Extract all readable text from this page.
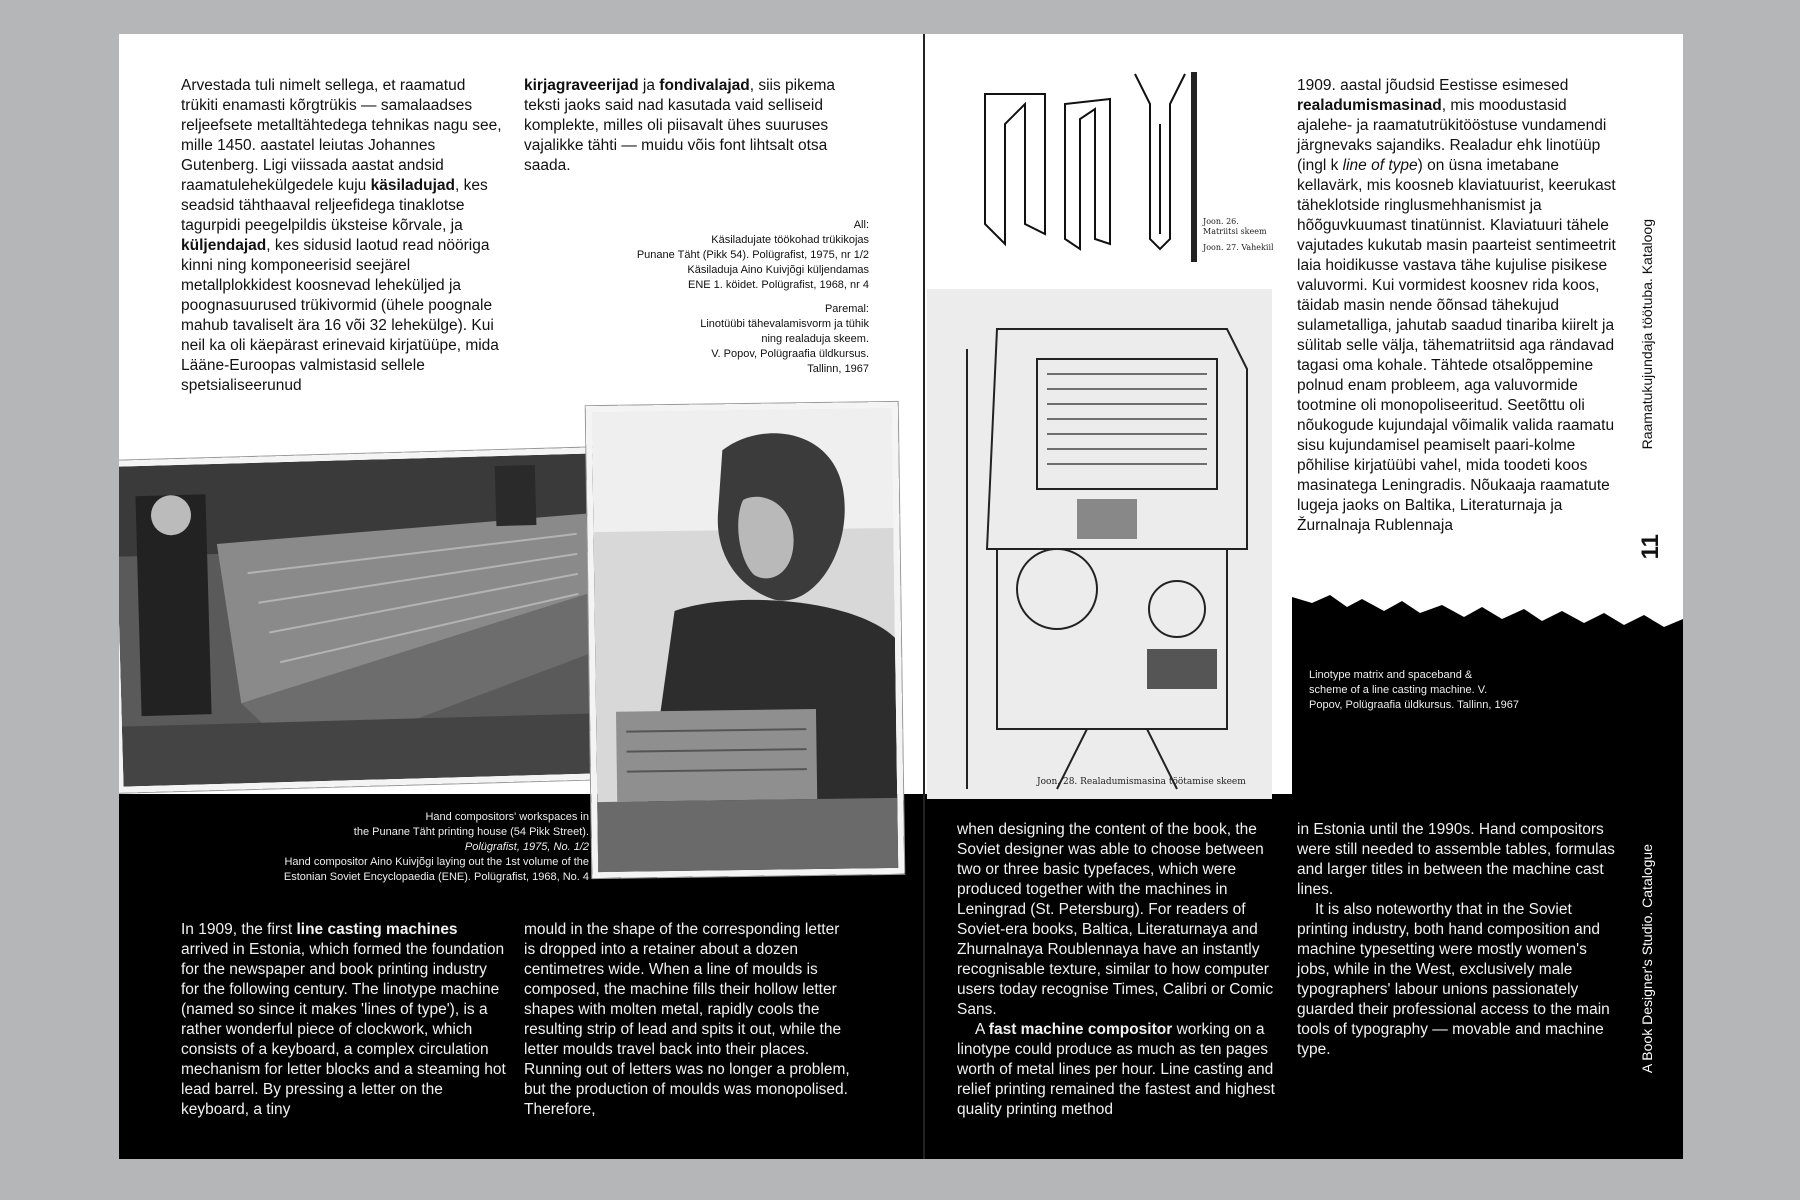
Arvestada tuli nimelt sellega, et raamatud trükiti enamasti kõrgtrükis — samalaadses reljeefsete metalltähtedega tehnikas nagu see, mille 1450. aastatel leiutas Johannes Gutenberg. Ligi viissada aastat andsid raamatulehekülgedele kuju käsiladujad, kes seadsid tähthaaval reljeefidega tinaklotse tagurpidi peegelpildis üksteise kõrvale, ja küljendajad, kes sidusid laotud read nööriga kinni ning komponeerisid seejärel metallplokkidest koosnevad leheküljed ja poognasuurused trükivormid (ühele poognale mahub tavaliselt ära 16 või 32 lehekülge). Kui neil ka oli käepärast erinevaid kirjatüüpe, mida Lääne-Euroopas valmistasid sellele spetsialiseerunud

kirjagraveerijad ja fondivalajad, siis pikema teksti jaoks said nad kasutada vaid selliseid komplekte, milles oli piisavalt ühes suuruses vajalikke tähti — muidu võis font lihtsalt otsa saada.

All:
Käsiladujate töökohad trükikojas
Punane Täht (Pikk 54). Polügrafist, 1975, nr 1/2
Käsiladuja Aino Kuivjõgi küljendamas
ENE 1. köidet. Polügrafist, 1968, nr 4
Paremal:
Linotüübi tähevalamisvorm ja tühik
ning realaduja skeem.
V. Popov, Polügraafia üldkursus.
Tallinn, 1967
Hand compositors' workspaces in
the Punane Täht printing house (54 Pikk Street).
Polügrafist, 1975, No. 1/2
Hand compositor Aino Kuivjõgi laying out the 1st volume of the
Estonian Soviet Encyclopaedia (ENE). Polügrafist, 1968, No. 4

In 1909, the first line casting machines arrived in Estonia, which formed the foundation for the newspaper and book printing industry for the following century. The linotype machine (named so since it makes 'lines of type'), is a rather wonderful piece of clockwork, which consists of a keyboard, a complex circulation mechanism for letter blocks and a steaming hot lead barrel. By pressing a letter on the keyboard, a tiny

mould in the shape of the corresponding letter is dropped into a retainer about a dozen centimetres wide. When a line of moulds is composed, the machine fills their hollow letter shapes with molten metal, rapidly cools the resulting strip of lead and spits it out, while the letter moulds travel back into their places. Running out of letters was no longer a problem, but the production of moulds was monopolised. Therefore,

Joon. 26.
Matriitsi skeem
Joon. 27. Vahekiil
Joon. 28. Realadumismasina töötamise skeem

1909. aastal jõudsid Eestisse esimesed realadumismasinad, mis moodustasid ajalehe- ja raamatutrükitööstuse vundamendi järgnevaks sajandiks. Realadur ehk linotüüp (ingl k line of type) on üsna imetabane kellavärk, mis koosneb klaviatuurist, keerukast täheklotside ringlusmehhanismist ja hõõguvkuumast tinatünnist. Klaviatuuri tähele vajutades kukutab masin paarteist sentimeetrit laia hoidikusse vastava tähe kujulise pisikese valuvormi. Kui vormidest koosnev rida koos, täidab masin nende õõnsad tähekujud sulametalliga, jahutab saadud tinariba kiirelt ja sülitab selle välja, tähematriitsid aga rändavad tagasi oma kohale. Tähtede otsalõppemine polnud enam probleem, aga valuvormide tootmine oli monopoliseeritud. Seetõttu oli nõukogude kujundajal võimalik valida raamatu sisu kujundamisel peamiselt paari-kolme põhilise kirjatüübi vahel, mida toodeti koos masinatega Leningradis. Nõukaaja raamatute lugeja jaoks on Baltika, Literaturnaja ja Žurnalnaja Rublennaja

Linotype matrix and spaceband &
scheme of a line casting machine. V.
Popov, Polügraafia üldkursus. Tallinn, 1967

when designing the content of the book, the Soviet designer was able to choose between two or three basic typefaces, which were produced together with the machines in Leningrad (St. Petersburg). For readers of Soviet-era books, Baltica, Literaturnaya and Zhurnalnaya Roublennaya have an instantly recognisable texture, similar to how computer users today recognise Times, Calibri or Comic Sans.

A fast machine compositor working on a linotype could produce as much as ten pages worth of metal lines per hour. Line casting and relief printing remained the fastest and highest quality printing method

in Estonia until the 1990s. Hand compositors were still needed to assemble tables, formulas and larger titles in between the machine cast lines.

It is also noteworthy that in the Soviet printing industry, both hand composition and machine typesetting were mostly women's jobs, while in the West, exclusively male typographers' labour unions passionately guarded their professional access to the main tools of typography — movable and machine type.

Raamatukujundaja töötuba. Kataloog
11
A Book Designer's Studio. Catalogue
